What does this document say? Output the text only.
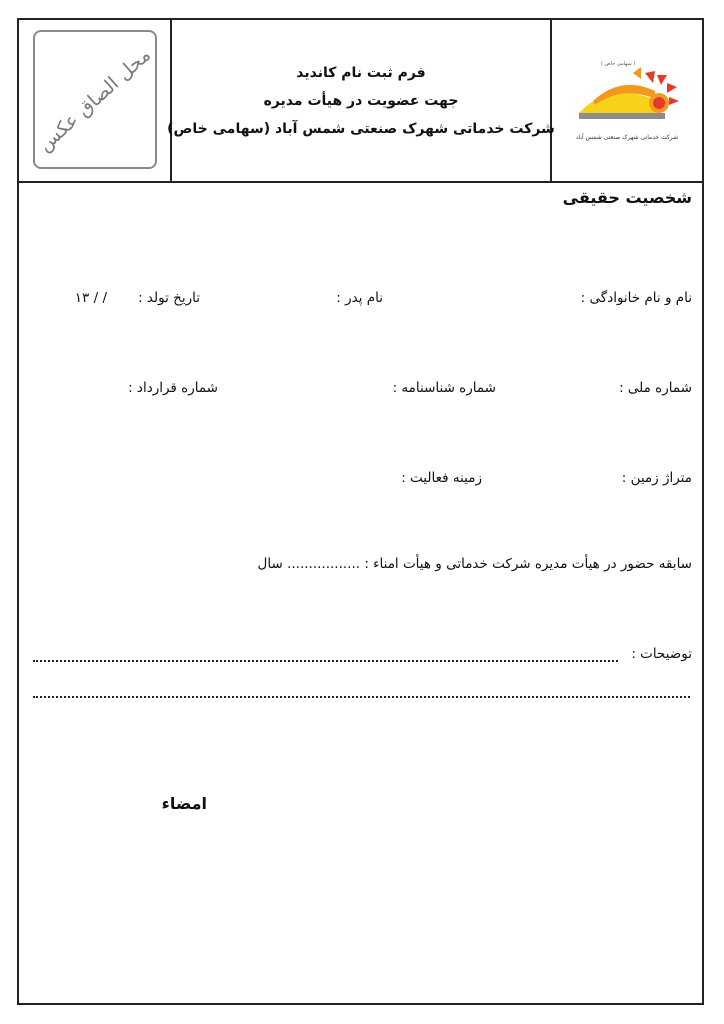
محل الصاق عکس	فرم ثبت نام کاندید
جهت عضویت در هیأت مدیره
شرکت خدماتی شهرک صنعتی شمس آباد (سهامی خاص)
( سهامی خاص )
شرکت خدماتی شهرک صنعتی شمس آباد
شخصیت حقیقی
نام و نام خانوادگی :
نام پدر :
تاریخ تولد :
/ / ۱۳
شماره ملی :
شماره شناسنامه :
شماره قرارداد :
متراژ زمین :
زمینه فعالیت :
سابقه حضور در هیأت مدیره شرکت خدماتی و هیأت امناء : ................. سال
توضیحات :
امضاء
